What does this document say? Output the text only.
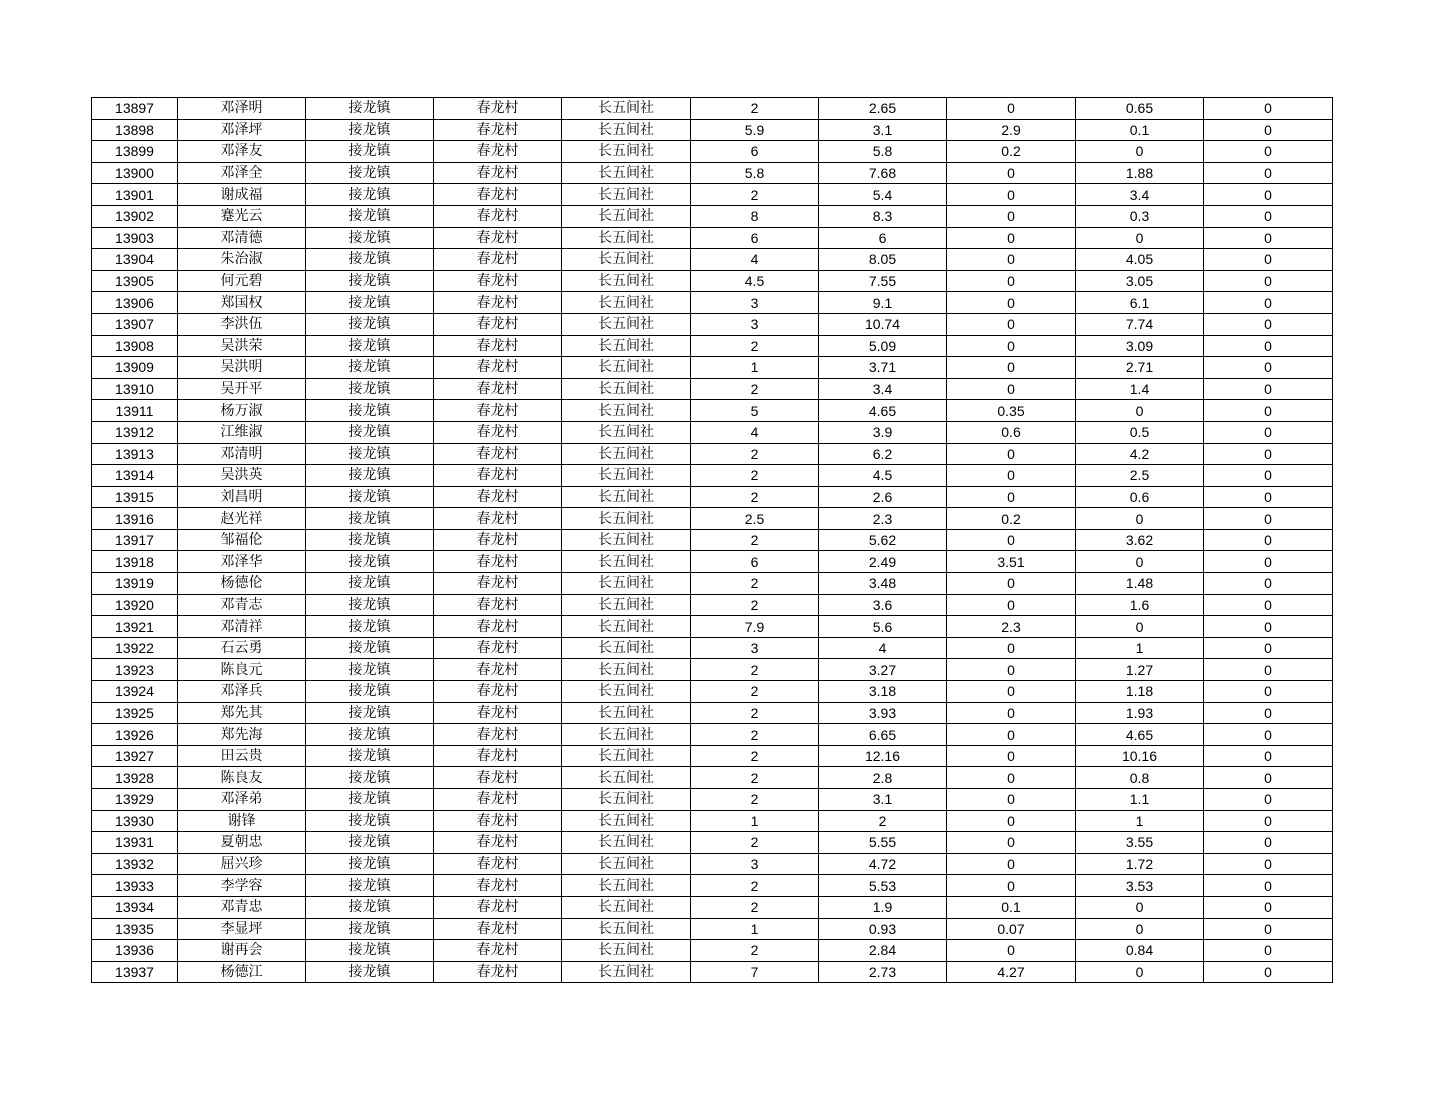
13897	邓泽明	接龙镇	春龙村	长五间社	2	2.65	0	0.65	0
13898	邓泽坪	接龙镇	春龙村	长五间社	5.9	3.1	2.9	0.1	0
13899	邓泽友	接龙镇	春龙村	长五间社	6	5.8	0.2	0	0
13900	邓泽全	接龙镇	春龙村	长五间社	5.8	7.68	0	1.88	0
13901	谢成福	接龙镇	春龙村	长五间社	2	5.4	0	3.4	0
13902	蹇光云	接龙镇	春龙村	长五间社	8	8.3	0	0.3	0
13903	邓清德	接龙镇	春龙村	长五间社	6	6	0	0	0
13904	朱治淑	接龙镇	春龙村	长五间社	4	8.05	0	4.05	0
13905	何元碧	接龙镇	春龙村	长五间社	4.5	7.55	0	3.05	0
13906	郑国权	接龙镇	春龙村	长五间社	3	9.1	0	6.1	0
13907	李洪伍	接龙镇	春龙村	长五间社	3	10.74	0	7.74	0
13908	吴洪荣	接龙镇	春龙村	长五间社	2	5.09	0	3.09	0
13909	吴洪明	接龙镇	春龙村	长五间社	1	3.71	0	2.71	0
13910	吴开平	接龙镇	春龙村	长五间社	2	3.4	0	1.4	0
13911	杨万淑	接龙镇	春龙村	长五间社	5	4.65	0.35	0	0
13912	江维淑	接龙镇	春龙村	长五间社	4	3.9	0.6	0.5	0
13913	邓清明	接龙镇	春龙村	长五间社	2	6.2	0	4.2	0
13914	吴洪英	接龙镇	春龙村	长五间社	2	4.5	0	2.5	0
13915	刘昌明	接龙镇	春龙村	长五间社	2	2.6	0	0.6	0
13916	赵光祥	接龙镇	春龙村	长五间社	2.5	2.3	0.2	0	0
13917	邹福伦	接龙镇	春龙村	长五间社	2	5.62	0	3.62	0
13918	邓泽华	接龙镇	春龙村	长五间社	6	2.49	3.51	0	0
13919	杨德伦	接龙镇	春龙村	长五间社	2	3.48	0	1.48	0
13920	邓青志	接龙镇	春龙村	长五间社	2	3.6	0	1.6	0
13921	邓清祥	接龙镇	春龙村	长五间社	7.9	5.6	2.3	0	0
13922	石云勇	接龙镇	春龙村	长五间社	3	4	0	1	0
13923	陈良元	接龙镇	春龙村	长五间社	2	3.27	0	1.27	0
13924	邓泽兵	接龙镇	春龙村	长五间社	2	3.18	0	1.18	0
13925	郑先其	接龙镇	春龙村	长五间社	2	3.93	0	1.93	0
13926	郑先海	接龙镇	春龙村	长五间社	2	6.65	0	4.65	0
13927	田云贵	接龙镇	春龙村	长五间社	2	12.16	0	10.16	0
13928	陈良友	接龙镇	春龙村	长五间社	2	2.8	0	0.8	0
13929	邓泽弟	接龙镇	春龙村	长五间社	2	3.1	0	1.1	0
13930	谢锋	接龙镇	春龙村	长五间社	1	2	0	1	0
13931	夏朝忠	接龙镇	春龙村	长五间社	2	5.55	0	3.55	0
13932	屈兴珍	接龙镇	春龙村	长五间社	3	4.72	0	1.72	0
13933	李学容	接龙镇	春龙村	长五间社	2	5.53	0	3.53	0
13934	邓青忠	接龙镇	春龙村	长五间社	2	1.9	0.1	0	0
13935	李显坪	接龙镇	春龙村	长五间社	1	0.93	0.07	0	0
13936	谢再会	接龙镇	春龙村	长五间社	2	2.84	0	0.84	0
13937	杨德江	接龙镇	春龙村	长五间社	7	2.73	4.27	0	0
